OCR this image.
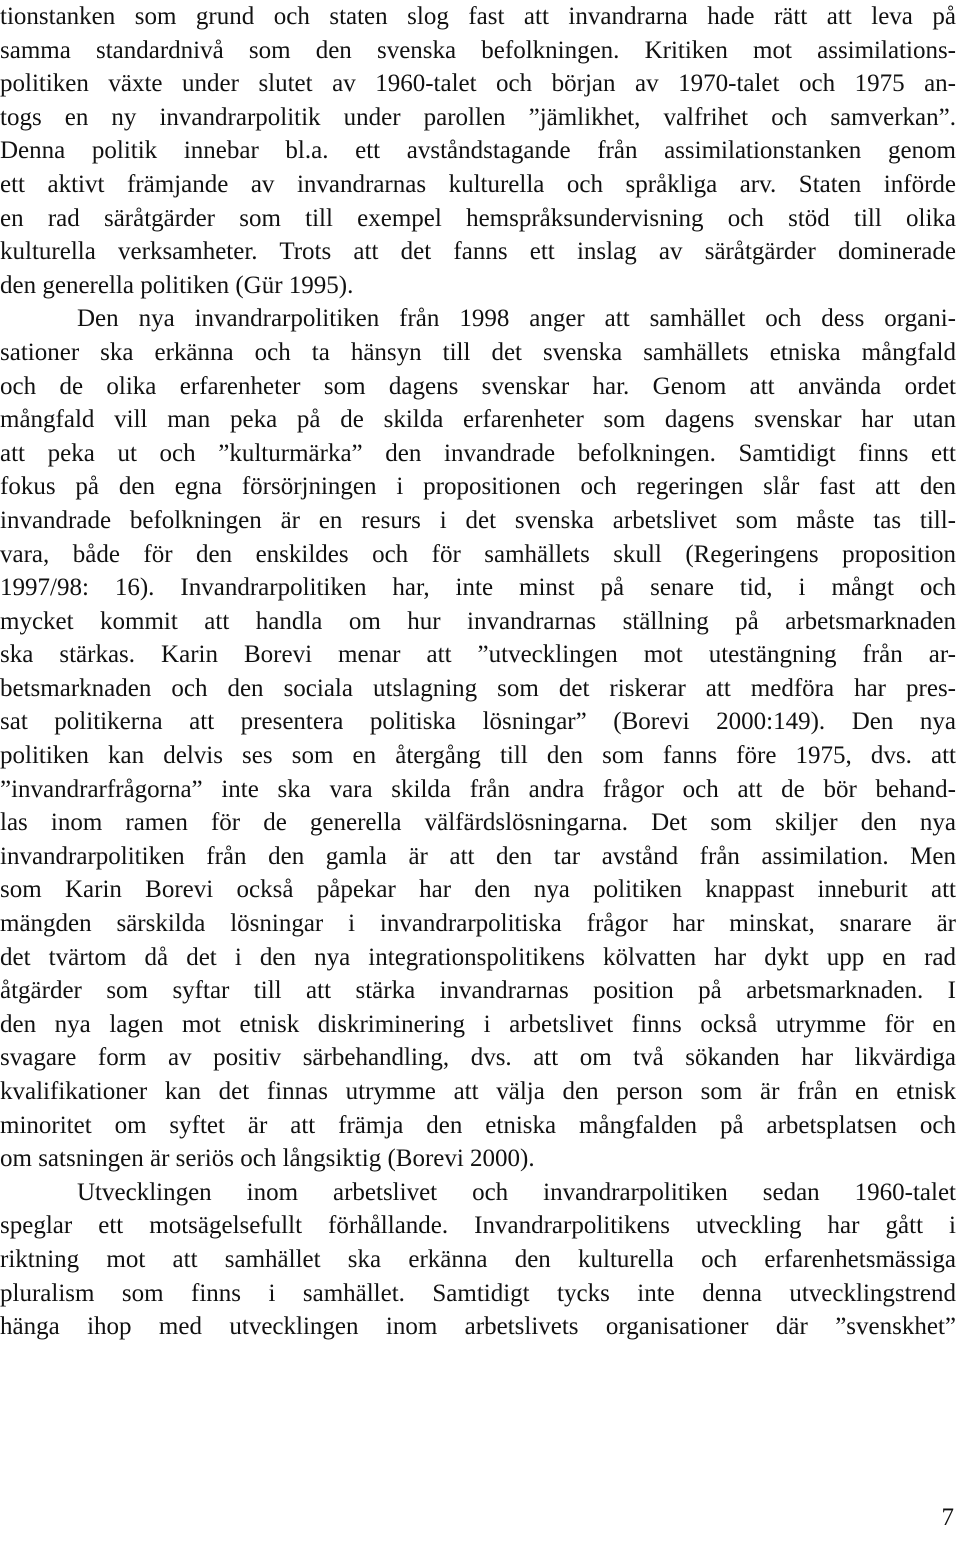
tionstanken som grund och staten slog fast att invandrarna hade rätt att leva på
samma standardnivå som den svenska befolkningen. Kritiken mot assimilations-
politiken växte under slutet av 1960-talet och början av 1970-talet och 1975 an-
togs en ny invandrarpolitik under parollen ”jämlikhet, valfrihet och samverkan”.
Denna politik innebar bl.a. ett avståndstagande från assimilationstanken genom
ett aktivt främjande av invandrarnas kulturella och språkliga arv. Staten införde
en rad säråtgärder som till exempel hemspråksundervisning och stöd till olika
kulturella verksamheter. Trots att det fanns ett inslag av säråtgärder dominerade
den generella politiken (Gür 1995).
Den nya invandrarpolitiken från 1998 anger att samhället och dess organi-
sationer ska erkänna och ta hänsyn till det svenska samhällets etniska mångfald
och de olika erfarenheter som dagens svenskar har. Genom att använda ordet
mångfald vill man peka på de skilda erfarenheter som dagens svenskar har utan
att peka ut och ”kulturmärka” den invandrade befolkningen. Samtidigt finns ett
fokus på den egna försörjningen i propositionen och regeringen slår fast att den
invandrade befolkningen är en resurs i det svenska arbetslivet som måste tas till-
vara, både för den enskildes och för samhällets skull (Regeringens proposition
1997/98: 16). Invandrarpolitiken har, inte minst på senare tid, i mångt och
mycket kommit att handla om hur invandrarnas ställning på arbetsmarknaden
ska stärkas. Karin Borevi menar att ”utvecklingen mot utestängning från ar-
betsmarknaden och den sociala utslagning som det riskerar att medföra har pres-
sat politikerna att presentera politiska lösningar” (Borevi 2000:149). Den nya
politiken kan delvis ses som en återgång till den som fanns före 1975, dvs. att
”invandrarfrågorna” inte ska vara skilda från andra frågor och att de bör behand-
las inom ramen för de generella välfärdslösningarna. Det som skiljer den nya
invandrarpolitiken från den gamla är att den tar avstånd från assimilation. Men
som Karin Borevi också påpekar har den nya politiken knappast inneburit att
mängden särskilda lösningar i invandrarpolitiska frågor har minskat, snarare är
det tvärtom då det i den nya integrationspolitikens kölvatten har dykt upp en rad
åtgärder som syftar till att stärka invandrarnas position på arbetsmarknaden. I
den nya lagen mot etnisk diskriminering i arbetslivet finns också utrymme för en
svagare form av positiv särbehandling, dvs. att om två sökanden har likvärdiga
kvalifikationer kan det finnas utrymme att välja den person som är från en etnisk
minoritet om syftet är att främja den etniska mångfalden på arbetsplatsen och
om satsningen är seriös och långsiktig (Borevi 2000).
Utvecklingen inom arbetslivet och invandrarpolitiken sedan 1960-talet
speglar ett motsägelsefullt förhållande. Invandrarpolitikens utveckling har gått i
riktning mot att samhället ska erkänna den kulturella och erfarenhetsmässiga
pluralism som finns i samhället. Samtidigt tycks inte denna utvecklingstrend
hänga ihop med utvecklingen inom arbetslivets organisationer där ”svenskhet”
7
